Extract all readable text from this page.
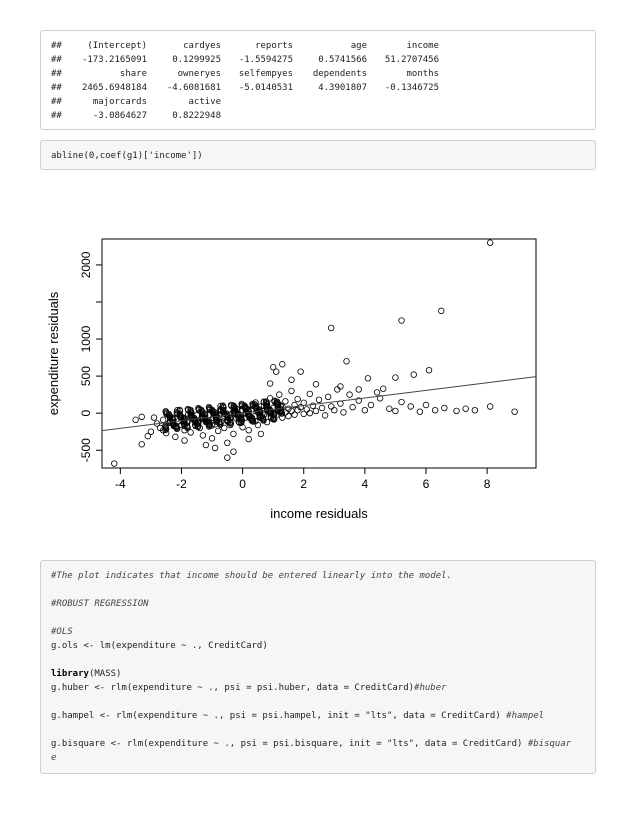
##	(Intercept)	cardyes	reports	age	income
## -173.2165091	0.1299925 -1.5594275	0.5741566 51.2707456
##	share	owneryes selfempyes dependents	months
## 2465.6948184 -4.6081681 -5.0140531	4.3901807 -0.1346725
##	majorcards	active
##	-3.0864627	0.8222948
abline(0,coef(g1)['income'])
-4	-2	0	2	4	6	8
-500
0
500
1000
2000
income residuals
expenditure residuals
#The plot indicates that income should be entered linearly into the model.
#ROBUST REGRESSION
#OLS
g.ols <- lm(expenditure ~ ., CreditCard)
library(MASS)
g.huber <- rlm(expenditure ~ ., psi = psi.huber, data = CreditCard)#huber
g.hampel <- rlm(expenditure ~ ., psi = psi.hampel, init = "lts", data = CreditCard) #hampel
g.bisquare <- rlm(expenditure ~ ., psi = psi.bisquare, init = "lts", data = CreditCard) #bisquar
e
